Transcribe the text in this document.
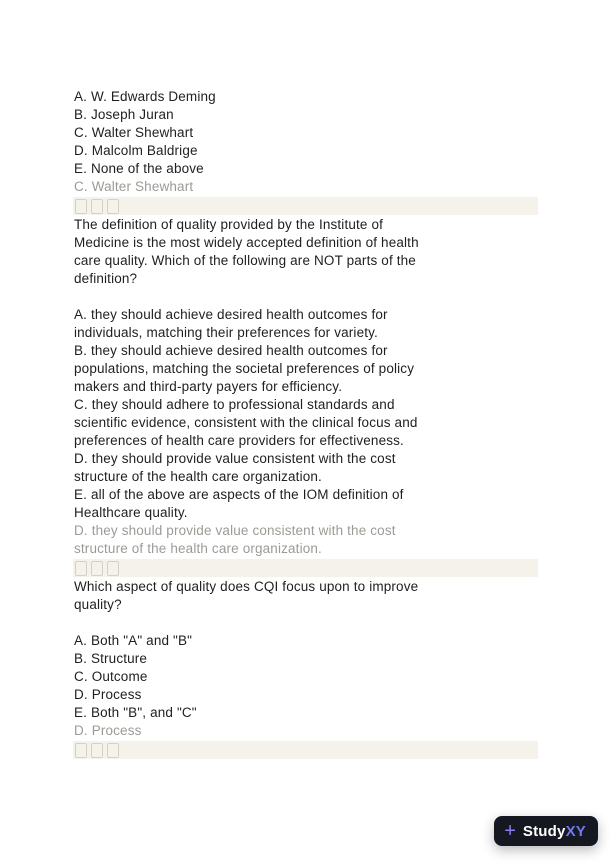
A. W. Edwards Deming
B. Joseph Juran
C. Walter Shewhart
D. Malcolm Baldrige
E. None of the above
C. Walter Shewhart
The definition of quality provided by the Institute of
Medicine is the most widely accepted definition of health
care quality. Which of the following are NOT parts of the
definition?
A. they should achieve desired health outcomes for
individuals, matching their preferences for variety.
B. they should achieve desired health outcomes for
populations, matching the societal preferences of policy
makers and third-party payers for efficiency.
C. they should adhere to professional standards and
scientific evidence, consistent with the clinical focus and
preferences of health care providers for effectiveness.
D. they should provide value consistent with the cost
structure of the health care organization.
E. all of the above are aspects of the IOM definition of
Healthcare quality.
D. they should provide value consistent with the cost
structure of the health care organization.
Which aspect of quality does CQI focus upon to improve
quality?
A. Both "A" and "B"
B. Structure
C. Outcome
D. Process
E. Both "B", and "C"
D. Process
+ Study XY
